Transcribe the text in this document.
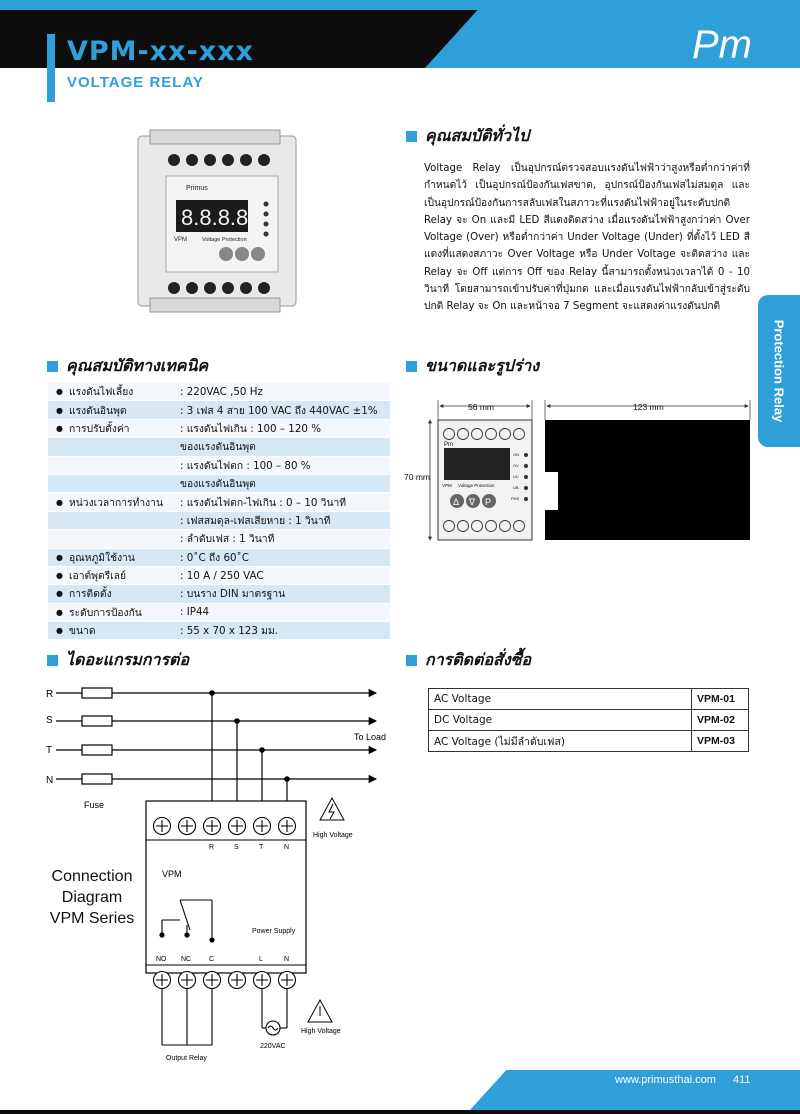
VPM-xx-xxx
VOLTAGE RELAY
Pm
Protection Relay
8.8.8.8
Primus
VPM	Voltage Protection
คุณสมบัติทั่วไป
Voltage Relay เป็นอุปกรณ์ตรวจสอบแรงดันไฟฟ้าว่าสูงหรือต่ำกว่าค่าที่กำหนดไว้ เป็นอุปกรณ์ป้องกันเฟสขาด, อุปกรณ์ป้องกันเฟสไม่สมดุล และเป็นอุปกรณ์ป้องกันการสลับเฟสในสภาวะที่แรงดันไฟฟ้าอยู่ในระดับปกติ Relay จะ On และมี LED สีแดงติดสว่าง เมื่อแรงดันไฟฟ้าสูงกว่าค่า Over Voltage (Over) หรือต่ำกว่าค่า Under Voltage (Under) ที่ตั้งไว้ LED สีแดงที่แสดงสภาวะ Over Voltage หรือ Under Voltage จะติดสว่าง และ Relay จะ Off แต่การ Off ของ Relay นี้สามารถตั้งหน่วงเวลาได้ 0 - 10 วินาที โดยสามารถเข้าปรับค่าที่ปุ่มกด และเมื่อแรงดันไฟฟ้ากลับเข้าสู่ระดับปกติ Relay จะ On และหน้าจอ 7 Segment จะแสดงค่าแรงดันปกติ
คุณสมบัติทางเทคนิค
● แรงดันไฟเลี้ยง	: 220VAC ,50 Hz
● แรงดันอินพุต	: 3 เฟส 4 สาย 100 VAC ถึง 440VAC ±1%
● การปรับตั้งค่า	: แรงดันไฟเกิน : 100 – 120 %
	ของแรงดันอินพุต
	: แรงดันไฟตก : 100 – 80 %
	ของแรงดันอินพุต
● หน่วงเวลาการทำงาน	: แรงดันไฟตก-ไฟเกิน : 0 – 10 วินาที
	: เฟสสมดุล-เฟสเสียหาย : 1 วินาที
	: ลำดับเฟส : 1 วินาที
● อุณหภูมิใช้งาน	: 0˚C ถึง 60˚C
● เอาต์พุตรีเลย์	: 10 A / 250 VAC
● การติดตั้ง	: บนราง DIN มาตรฐาน
● ระดับการป้องกัน	: IP44
● ขนาด	: 55 x 70 x 123 มม.
ขนาดและรูปร่าง
56 mm	123 mm
70 mm
Pm
VPM Voltage Protection
Δ ∇ P
ON
OV
UV
UB
PHS
ไดอะแกรมการต่อ
R
S
T
N
To Load
Fuse
R	S	T	N
VPM
Power Supply
NO NC	C	L	N
Output Relay
220VAC
High Voltage
High Voltage
Connection
Diagram
VPM Series
การติดต่อสั่งซื้อ
AC Voltage	VPM-01
DC Voltage	VPM-02
AC Voltage (ไม่มีลำดับเฟส)	VPM-03
www.primusthai.com 411
